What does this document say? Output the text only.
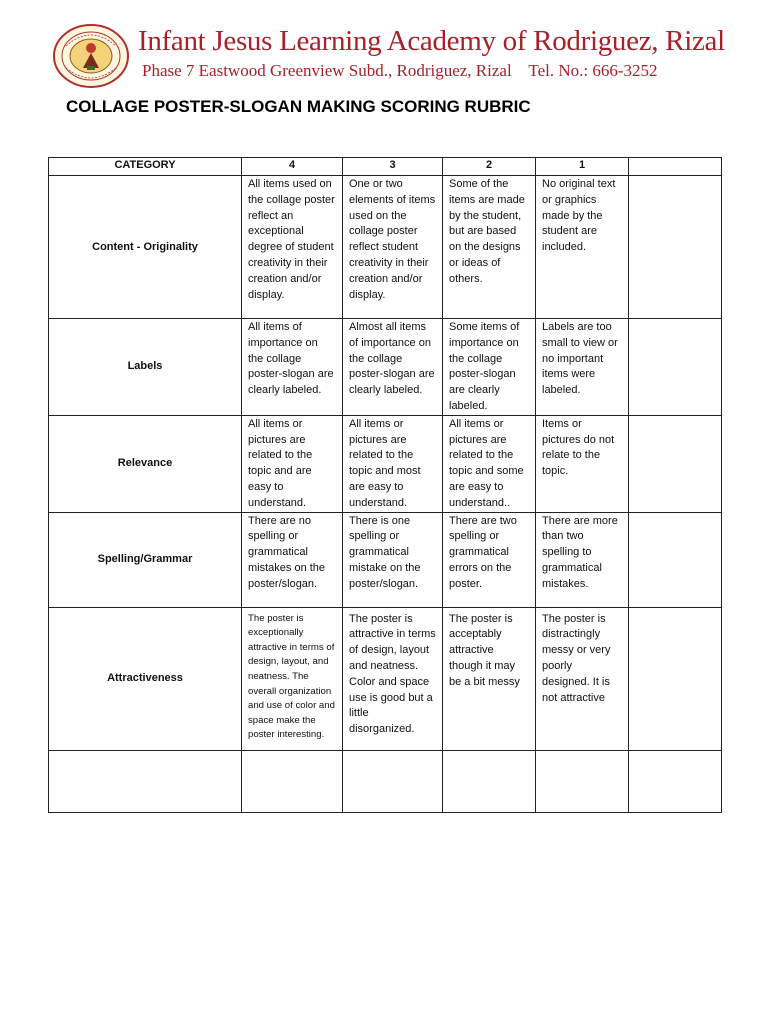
Infant Jesus Learning Academy of Rodriguez, Rizal
Phase 7 Eastwood Greenview Subd., Rodriguez, Rizal    Tel. No.: 666-3252
COLLAGE POSTER-SLOGAN MAKING SCORING RUBRIC
CATEGORY	4	3	2	1	
Content - Originality	All items used on the collage poster reflect an exceptional degree of student creativity in their creation and/or display.	One or two elements of items used on the collage poster reflect student creativity in their creation and/or display.	Some of the items are made by the student, but are based on the designs or ideas of others.	No original text or graphics made by the student are included.	
Labels	All items of importance on the collage poster-slogan are clearly labeled.	Almost all items of importance on the collage poster-slogan are clearly labeled.	Some items of importance on the collage poster-slogan are clearly labeled.	Labels are too small to view or no important items were labeled.	
Relevance	All items or pictures are related to the topic and are easy to understand.	All items or pictures are related to the topic and most are easy to understand.	All items or pictures are related to the topic and some are easy to understand..	Items or pictures do not relate to the topic.	
Spelling/Grammar	There are no spelling or grammatical mistakes on the poster/slogan.	There is one spelling or grammatical mistake on the poster/slogan.	There are two spelling or grammatical errors on the poster.	There are more than two spelling to grammatical mistakes.	
Attractiveness	The poster is exceptionally attractive in terms of design, layout, and neatness. The overall organization and use of color and space make the poster interesting.	The poster is attractive in terms of design, layout and neatness. Color and space use is good but a little disorganized.	The poster is acceptably attractive though it may be a bit messy	The poster is distractingly messy or very poorly designed. It is not attractive	
